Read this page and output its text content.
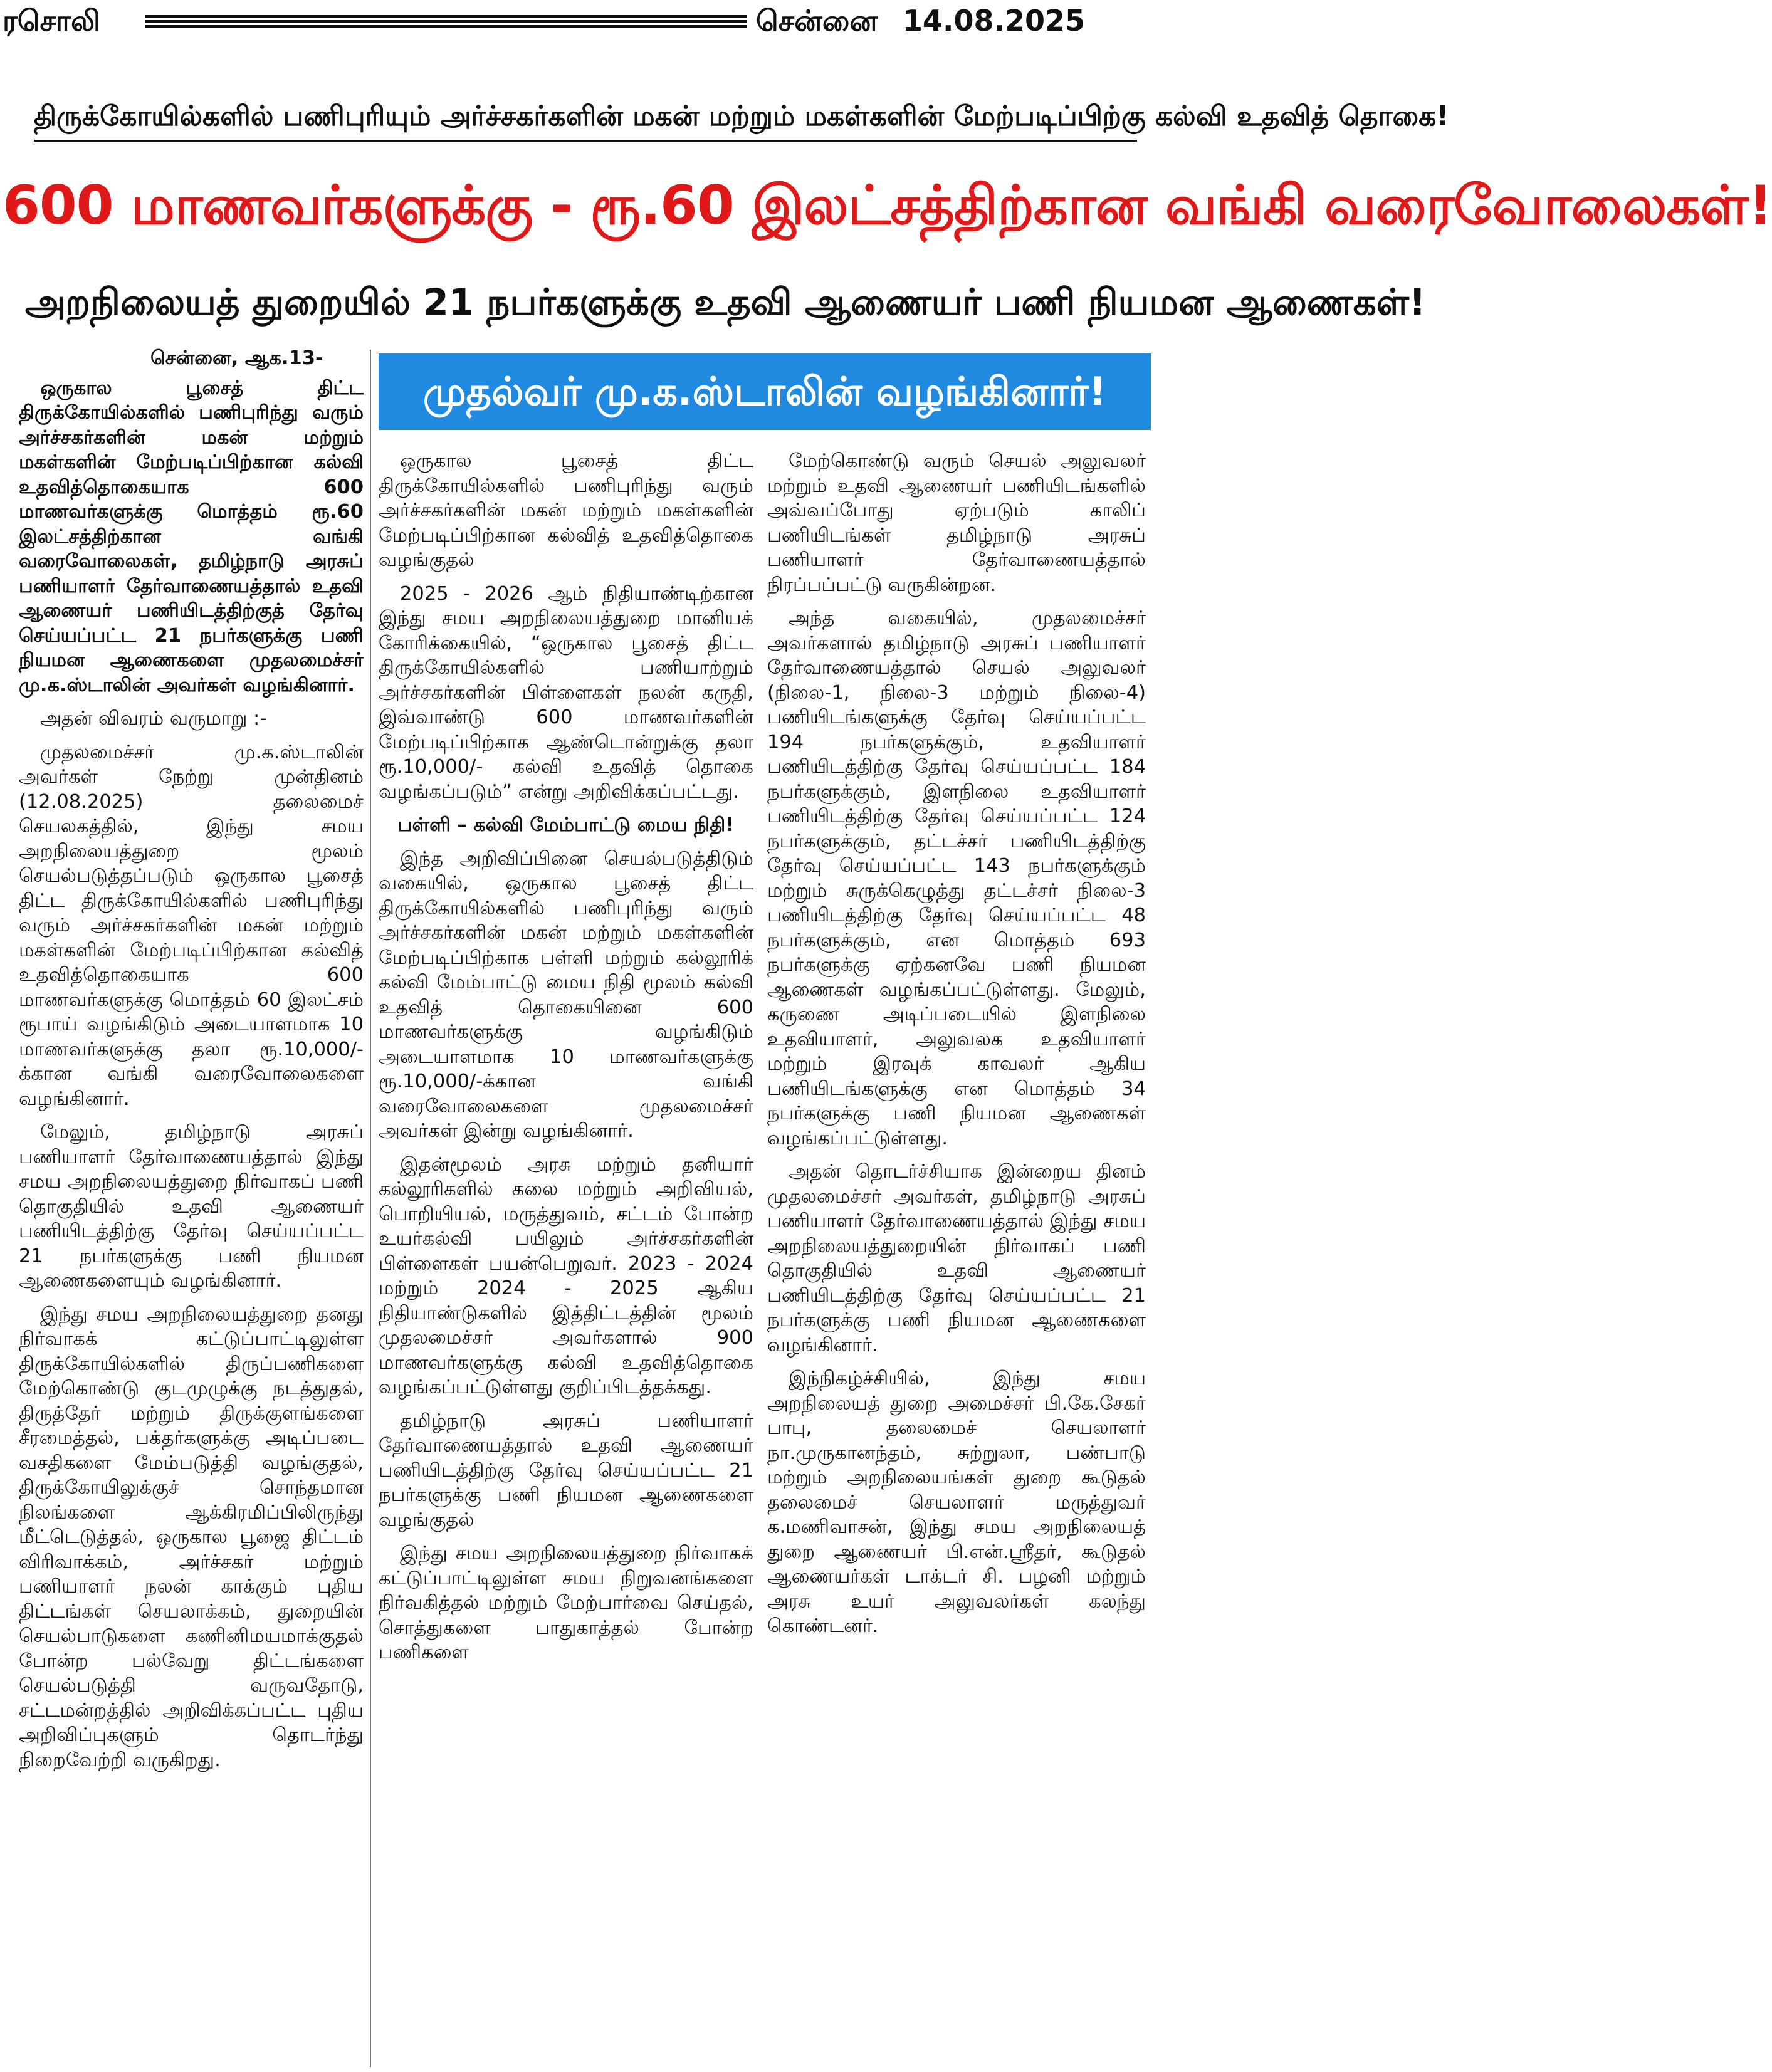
ரசொலி	சென்னை 14.08.2025
திருக்கோயில்களில் பணிபுரியும் அர்ச்சகர்களின் மகன் மற்றும் மகள்களின் மேற்படிப்பிற்கு கல்வி உதவித் தொகை!
600 மாணவர்களுக்கு - ரூ.60 இலட்சத்திற்கான வங்கி வரைவோலைகள்!
அறநிலையத் துறையில் 21 நபர்களுக்கு உதவி ஆணையர் பணி நியமன ஆணைகள்!
முதல்வர் மு.க.ஸ்டாலின் வழங்கினார்!
சென்னை, ஆக.13-

ஒருகால பூசைத் திட்ட திருக்கோயில்களில் பணிபுரிந்து வரும் அர்ச்சகர்களின் மகன் மற்றும் மகள்களின் மேற்படிப்பிற்கான கல்வி உதவித்தொகையாக 600 மாணவர்களுக்கு மொத்தம் ரூ.60 இலட்சத்திற்கான வங்கி வரைவோலைகள், தமிழ்நாடு அரசுப் பணியாளர் தேர்வாணையத்தால் உதவி ஆணையர் பணியிடத்திற்குத் தேர்வு செய்யப்பட்ட 21 நபர்களுக்கு பணி நியமன ஆணைகளை முதலமைச்சர் மு.க.ஸ்டாலின் அவர்கள் வழங்கினார்.

அதன் விவரம் வருமாறு :-

முதலமைச்சர் மு.க.ஸ்டாலின் அவர்கள் நேற்று முன்தினம் (12.08.2025) தலைமைச் செயலகத்தில், இந்து சமய அறநிலையத்துறை மூலம் செயல்படுத்தப்படும் ஒருகால பூசைத் திட்ட திருக்கோயில்களில் பணிபுரிந்து வரும் அர்ச்சகர்களின் மகன் மற்றும் மகள்களின் மேற்படிப்பிற்கான கல்வித் உதவித்தொகையாக 600 மாணவர்களுக்கு மொத்தம் 60 இலட்சம் ரூபாய் வழங்கிடும் அடையாளமாக 10 மாணவர்களுக்கு தலா ரூ.10,000/-க்கான வங்கி வரைவோலைகளை வழங்கினார்.

மேலும், தமிழ்நாடு அரசுப் பணியாளர் தேர்வாணையத்தால் இந்து சமய அறநிலையத்துறை நிர்வாகப் பணி தொகுதியில் உதவி ஆணையர் பணியிடத்திற்கு தேர்வு செய்யப்பட்ட 21 நபர்களுக்கு பணி நியமன ஆணைகளையும் வழங்கினார்.

இந்து சமய அறநிலையத்துறை தனது நிர்வாகக் கட்டுப்பாட்டிலுள்ள திருக்கோயில்களில் திருப்பணிகளை மேற்கொண்டு குடமுழுக்கு நடத்துதல், திருத்தேர் மற்றும் திருக்குளங்களை சீரமைத்தல், பக்தர்களுக்கு அடிப்படை வசதிகளை மேம்படுத்தி வழங்குதல், திருக்கோயிலுக்குச் சொந்தமான நிலங்களை ஆக்கிரமிப்பிலிருந்து மீட்டெடுத்தல், ஒருகால பூஜை திட்டம் விரிவாக்கம், அர்ச்சகர் மற்றும் பணியாளர் நலன் காக்கும் புதிய திட்டங்கள் செயலாக்கம், துறையின் செயல்பாடுகளை கணினிமயமாக்குதல் போன்ற பல்வேறு திட்டங்களை செயல்படுத்தி வருவதோடு, சட்டமன்றத்தில் அறிவிக்கப்பட்ட புதிய அறிவிப்புகளும் தொடர்ந்து நிறைவேற்றி வருகிறது.

ஒருகால பூசைத் திட்ட திருக்கோயில்களில் பணிபுரிந்து வரும் அர்ச்சகர்களின் மகன் மற்றும் மகள்களின் மேற்படிப்பிற்கான கல்வித் உதவித்தொகை வழங்குதல்

2025 - 2026 ஆம் நிதியாண்டிற்கான இந்து சமய அறநிலையத்துறை மானியக் கோரிக்கையில், “ஒருகால பூசைத் திட்ட திருக்கோயில்களில் பணியாற்றும் அர்ச்சகர்களின் பிள்ளைகள் நலன் கருதி, இவ்வாண்டு 600 மாணவர்களின் மேற்படிப்பிற்காக ஆண்டொன்றுக்கு தலா ரூ.10,000/- கல்வி உதவித் தொகை வழங்கப்படும்” என்று அறிவிக்கப்பட்டது.

பள்ளி – கல்வி மேம்பாட்டு மைய நிதி!

இந்த அறிவிப்பினை செயல்படுத்திடும் வகையில், ஒருகால பூசைத் திட்ட திருக்கோயில்களில் பணிபுரிந்து வரும் அர்ச்சகர்களின் மகன் மற்றும் மகள்களின் மேற்படிப்பிற்காக பள்ளி மற்றும் கல்லூரிக் கல்வி மேம்பாட்டு மைய நிதி மூலம் கல்வி உதவித் தொகையினை 600 மாணவர்களுக்கு வழங்கிடும் அடையாளமாக 10 மாணவர்களுக்கு ரூ.10,000/-க்கான வங்கி வரைவோலைகளை முதலமைச்சர் அவர்கள் இன்று வழங்கினார்.

இதன்மூலம் அரசு மற்றும் தனியார் கல்லூரிகளில் கலை மற்றும் அறிவியல், பொறியியல், மருத்துவம், சட்டம் போன்ற உயர்கல்வி பயிலும் அர்ச்சகர்களின் பிள்ளைகள் பயன்பெறுவர். 2023 - 2024 மற்றும் 2024 - 2025 ஆகிய நிதியாண்டுகளில் இத்திட்டத்தின் மூலம் முதலமைச்சர் அவர்களால் 900 மாணவர்களுக்கு கல்வி உதவித்தொகை வழங்கப்பட்டுள்ளது குறிப்பிடத்தக்கது.

தமிழ்நாடு அரசுப் பணியாளர் தேர்வாணையத்தால் உதவி ஆணையர் பணியிடத்திற்கு தேர்வு செய்யப்பட்ட 21 நபர்களுக்கு பணி நியமன ஆணைகளை வழங்குதல்

இந்து சமய அறநிலையத்துறை நிர்வாகக் கட்டுப்பாட்டிலுள்ள சமய நிறுவனங்களை நிர்வகித்தல் மற்றும் மேற்பார்வை செய்தல், சொத்துகளை பாதுகாத்தல் போன்ற பணிகளை

மேற்கொண்டு வரும் செயல் அலுவலர் மற்றும் உதவி ஆணையர் பணியிடங்களில் அவ்வப்போது ஏற்படும் காலிப் பணியிடங்கள் தமிழ்நாடு அரசுப் பணியாளர் தேர்வாணையத்தால் நிரப்பப்பட்டு வருகின்றன.

அந்த வகையில், முதலமைச்சர் அவர்களால் தமிழ்நாடு அரசுப் பணியாளர் தேர்வாணையத்தால் செயல் அலுவலர் (நிலை-1, நிலை-3 மற்றும் நிலை-4) பணியிடங்களுக்கு தேர்வு செய்யப்பட்ட 194 நபர்களுக்கும், உதவியாளர் பணியிடத்திற்கு தேர்வு செய்யப்பட்ட 184 நபர்களுக்கும், இளநிலை உதவியாளர் பணியிடத்திற்கு தேர்வு செய்யப்பட்ட 124 நபர்களுக்கும், தட்டச்சர் பணியிடத்திற்கு தேர்வு செய்யப்பட்ட 143 நபர்களுக்கும் மற்றும் சுருக்கெழுத்து தட்டச்சர் நிலை-3 பணியிடத்திற்கு தேர்வு செய்யப்பட்ட 48 நபர்களுக்கும், என மொத்தம் 693 நபர்களுக்கு ஏற்கனவே பணி நியமன ஆணைகள் வழங்கப்பட்டுள்ளது. மேலும், கருணை அடிப்படையில் இளநிலை உதவியாளர், அலுவலக உதவியாளர் மற்றும் இரவுக் காவலர் ஆகிய பணியிடங்களுக்கு என மொத்தம் 34 நபர்களுக்கு பணி நியமன ஆணைகள் வழங்கப்பட்டுள்ளது.

அதன் தொடர்ச்சியாக இன்றைய தினம் முதலமைச்சர் அவர்கள், தமிழ்நாடு அரசுப் பணியாளர் தேர்வாணையத்தால் இந்து சமய அறநிலையத்துறையின் நிர்வாகப் பணி தொகுதியில் உதவி ஆணையர் பணியிடத்திற்கு தேர்வு செய்யப்பட்ட 21 நபர்களுக்கு பணி நியமன ஆணைகளை வழங்கினார்.

இந்நிகழ்ச்சியில், இந்து சமய அறநிலையத் துறை அமைச்சர் பி.கே.சேகர் பாபு, தலைமைச் செயலாளர் நா.முருகானந்தம், சுற்றுலா, பண்பாடு மற்றும் அறநிலையங்கள் துறை கூடுதல் தலைமைச் செயலாளர் மருத்துவர் க.மணிவாசன், இந்து சமய அறநிலையத் துறை ஆணையர் பி.என்.ஸ்ரீதர், கூடுதல் ஆணையர்கள் டாக்டர் சி. பழனி மற்றும் அரசு உயர் அலுவலர்கள் கலந்து கொண்டனர்.
